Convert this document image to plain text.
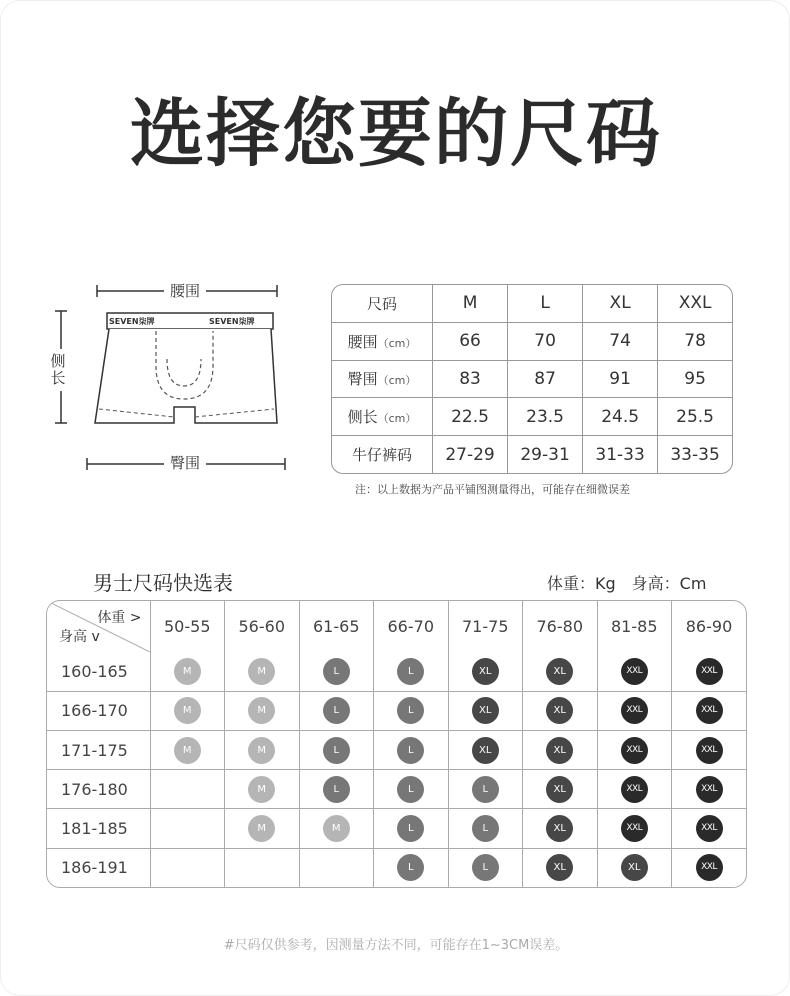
选择您要的尺码
腰围
臀围
侧长
SEVEN柒牌	SEVEN柒牌
尺码	M	L	XL	XXL
腰围（cm）	66	70	74	78
臀围（cm）	83	87	91	95
侧长（cm）	22.5	23.5	24.5	25.5
牛仔裤码	27-29	29-31	31-33	33-35
注：以上数据为产品平铺图测量得出，可能存在细微误差
男士尺码快选表	体重：Kg　身高：Cm
体重 >
身高 v	50-55	56-60	61-65	66-70	71-75	76-80	81-85	86-90
160-165	M	M	L	L	XL	XL	XXL	XXL
166-170	M	M	L	L	XL	XL	XXL	XXL
171-175	M	M	L	L	XL	XL	XXL	XXL
176-180		M	L	L	L	XL	XXL	XXL
181-185		M	M	L	L	XL	XXL	XXL
186-191				L	L	XL	XL	XXL
#尺码仅供参考，因测量方法不同，可能存在1~3CM误差。
